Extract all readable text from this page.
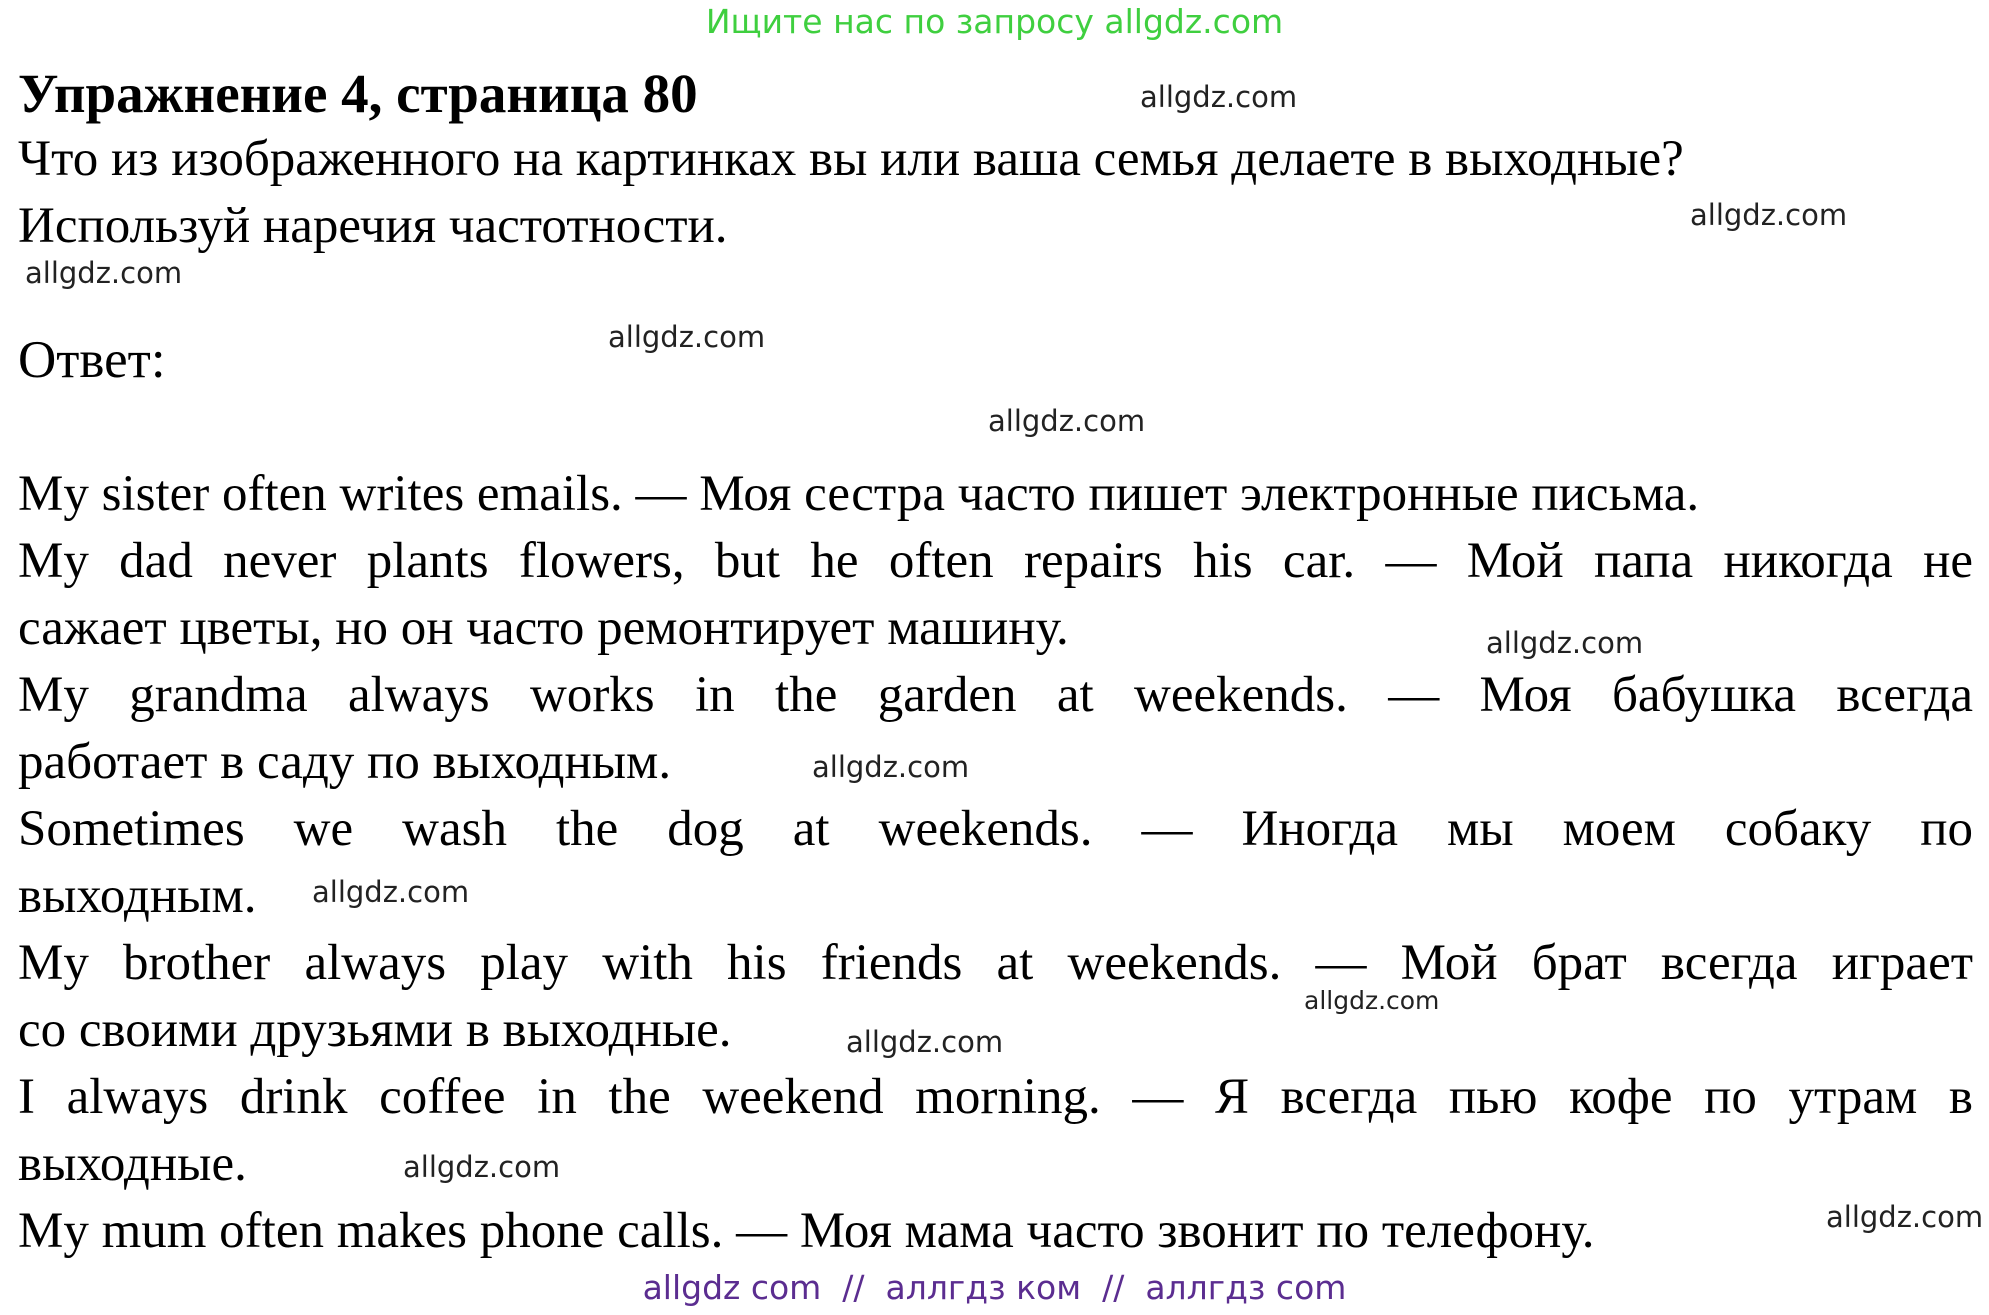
Ищите нас по запросу allgdz.com
Упражнение 4, страница 80
Что из изображенного на картинках вы или ваша семья делаете в выходные?
Используй наречия частотности.
Ответ:
My sister often writes emails. — Моя сестра часто пишет электронные письма.
My dad never plants flowers, but he often repairs his car. — Мой папа никогда не
сажает цветы, но он часто ремонтирует машину.
My grandma always works in the garden at weekends. — Моя бабушка всегда
работает в саду по выходным.
Sometimes we wash the dog at weekends. — Иногда мы моем собаку по
выходным.
My brother always play with his friends at weekends. — Мой брат всегда играет
со своими друзьями в выходные.
I always drink coffee in the weekend morning. — Я всегда пью кофе по утрам в
выходные.
My mum often makes phone calls. — Моя мама часто звонит по телефону.
allgdz.com
allgdz.com
allgdz.com
allgdz.com
allgdz.com
allgdz.com
allgdz.com
allgdz.com
allgdz.com
allgdz.com
allgdz.com
allgdz.com
allgdz com  //  аллгдз ком  //  аллгдз com
